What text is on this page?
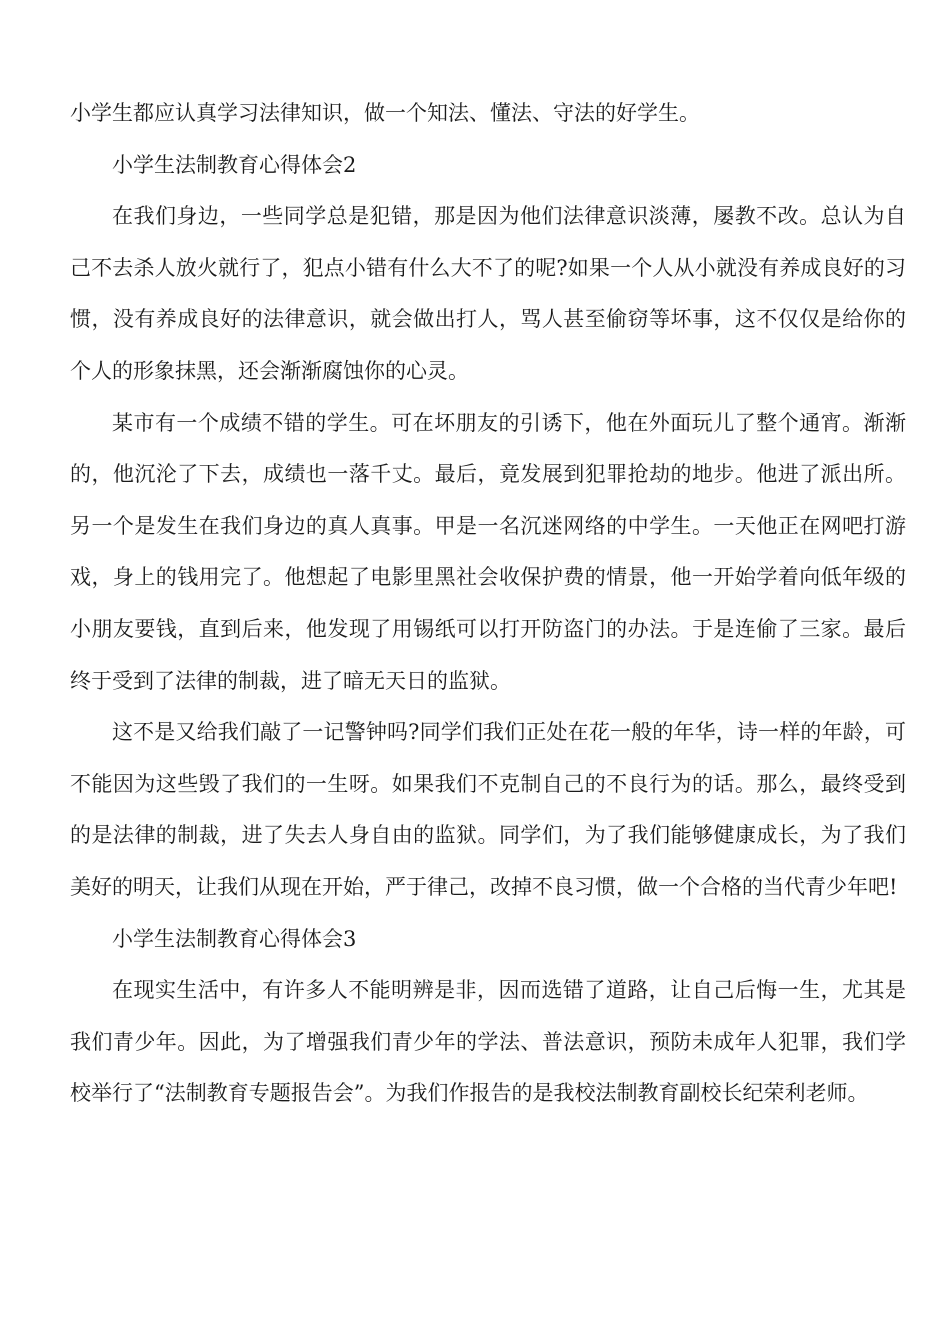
小学生都应认真学习法律知识，做一个知法、懂法、守法的好学生。

小学生法制教育心得体会2

在我们身边，一些同学总是犯错，那是因为他们法律意识淡薄，屡教不改。总认为自己不去杀人放火就行了，犯点小错有什么大不了的呢?如果一个人从小就没有养成良好的习惯，没有养成良好的法律意识，就会做出打人，骂人甚至偷窃等坏事，这不仅仅是给你的个人的形象抹黑，还会渐渐腐蚀你的心灵。

某市有一个成绩不错的学生。可在坏朋友的引诱下，他在外面玩儿了整个通宵。渐渐的，他沉沦了下去，成绩也一落千丈。最后，竟发展到犯罪抢劫的地步。他进了派出所。另一个是发生在我们身边的真人真事。甲是一名沉迷网络的中学生。一天他正在网吧打游戏，身上的钱用完了。他想起了电影里黑社会收保护费的情景，他一开始学着向低年级的小朋友要钱，直到后来，他发现了用锡纸可以打开防盗门的办法。于是连偷了三家。最后终于受到了法律的制裁，进了暗无天日的监狱。

这不是又给我们敲了一记警钟吗?同学们我们正处在花一般的年华，诗一样的年龄，可不能因为这些毁了我们的一生呀。如果我们不克制自己的不良行为的话。那么，最终受到的是法律的制裁，进了失去人身自由的监狱。同学们，为了我们能够健康成长，为了我们美好的明天，让我们从现在开始，严于律己，改掉不良习惯，做一个合格的当代青少年吧!

小学生法制教育心得体会3

在现实生活中，有许多人不能明辨是非，因而选错了道路，让自己后悔一生，尤其是我们青少年。因此，为了增强我们青少年的学法、普法意识，预防未成年人犯罪，我们学校举行了“法制教育专题报告会”。为我们作报告的是我校法制教育副校长纪荣利老师。
